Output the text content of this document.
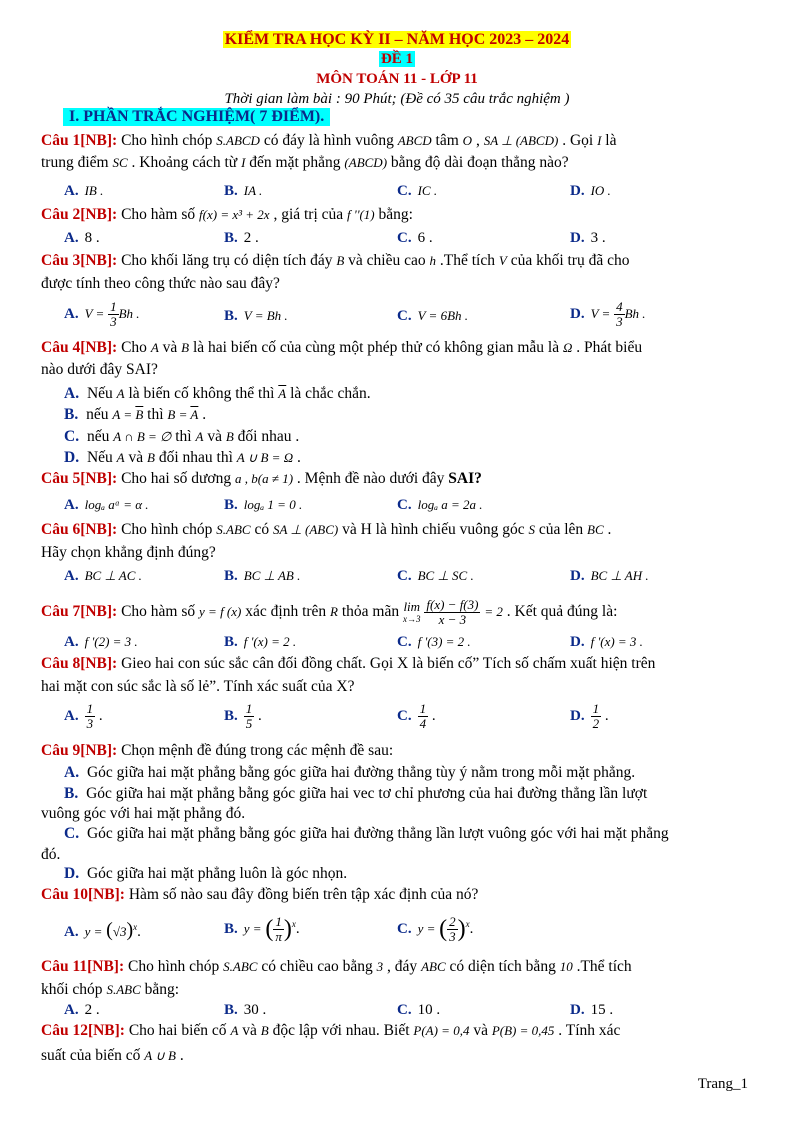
KIỂM TRA HỌC KỲ II – NĂM HỌC 2023 – 2024
ĐỀ 1
MÔN TOÁN 11 - LỚP 11
Thời gian làm bài : 90 Phút; (Đề có 35 câu trắc nghiệm )
I. PHẦN TRẮC NGHIỆM( 7 ĐIỂM).
Câu 1[NB]: Cho hình chóp S.ABCD có đáy là hình vuông ABCD tâm O , SA ⊥ (ABCD) . Gọi I là
trung điểm SC . Khoảng cách từ I đến mặt phẳng (ABCD) bằng độ dài đoạn thẳng nào?
A. IB .	B. IA .	C. IC .	D. IO .
Câu 2[NB]: Cho hàm số f(x) = x³ + 2x , giá trị của f ''(1) bằng:
A. 8 .	B. 2 .	C. 6 .	D. 3 .
Câu 3[NB]: Cho khối lăng trụ có diện tích đáy B và chiều cao h .Thể tích V của khối trụ đã cho
được tính theo công thức nào sau đây?
A. $V = \frac{1}{3}$ Bh .	B. V = Bh .	C. V = 6Bh .	D. $V = \frac{4}{3}$ Bh .
Câu 4[NB]: Cho A và B là hai biến cố của cùng một phép thử có không gian mẫu là Ω . Phát biểu
nào dưới đây SAI?
A. Nếu A là biến cố không thể thì $\overline{A}$ là chắc chắn.
B. nếu $A = \overline{B}$ thì $B = \overline{A}$ .
C. nếu A ∩ B = ∅ thì A và B đối nhau .
D. Nếu A và B đối nhau thì A ∪ B = Ω .
Câu 5[NB]: Cho hai số dương a , b(a ≠ 1) . Mệnh đề nào dưới đây SAI?
A. logₐ aᵅ = α .	B. logₐ 1 = 0 .	C. logₐ a = 2a .
Câu 6[NB]: Cho hình chóp S.ABC có SA ⊥ (ABC) và H là hình chiếu vuông góc S của lên BC .
Hãy chọn khẳng định đúng?
A. BC ⊥ AC .	B. BC ⊥ AB .	C. BC ⊥ SC .	D. BC ⊥ AH .
Câu 7[NB]: Cho hàm số y = f (x) xác định trên R thỏa mãn lim
x→3
$\frac{f(x) - f(3)}{x - 3} = 2$ . Kết quả đúng là:
A. f '(2) = 3 .	B. f '(x) = 2 .	C. f '(3) = 2 .	D. f '(x) = 3 .
Câu 8[NB]: Gieo hai con súc sắc cân đối đồng chất. Gọi X là biến cố” Tích số chấm xuất hiện trên
hai mặt con súc sắc là số lẻ”. Tính xác suất của X?
A. $\frac{1}{3}$ .	B. $\frac{1}{5}$ .	C. $\frac{1}{4}$ .	D. $\frac{1}{2}$ .
Câu 9[NB]: Chọn mệnh đề đúng trong các mệnh đề sau:
A. Góc giữa hai mặt phẳng bằng góc giữa hai đường thẳng tùy ý nằm trong mỗi mặt phẳng.
B. Góc giữa hai mặt phẳng bằng góc giữa hai vec tơ chỉ phương của hai đường thẳng lần lượt
vuông góc với hai mặt phẳng đó.
C. Góc giữa hai mặt phẳng bằng góc giữa hai đường thẳng lần lượt vuông góc với hai mặt phẳng
đó.
D. Góc giữa hai mặt phẳng luôn là góc nhọn.
Câu 10[NB]: Hàm số nào sau đây đồng biến trên tập xác định của nó?
A. $y = (√3)^x$.	B. y = ( $\frac{1}{\pi} )^x$.	C. y = ( $\frac{2}{3} )^x$.
Câu 11[NB]: Cho hình chóp S.ABC có chiều cao bằng 3 , đáy ABC có diện tích bằng 10 .Thể tích
khối chóp S.ABC bằng:
A. 2 .	B. 30 .	C. 10 .	D. 15 .
Câu 12[NB]: Cho hai biến cố A và B độc lập với nhau. Biết P(A) = 0,4 và P(B) = 0,45 . Tính xác
suất của biến cố A ∪ B .
Trang_1
